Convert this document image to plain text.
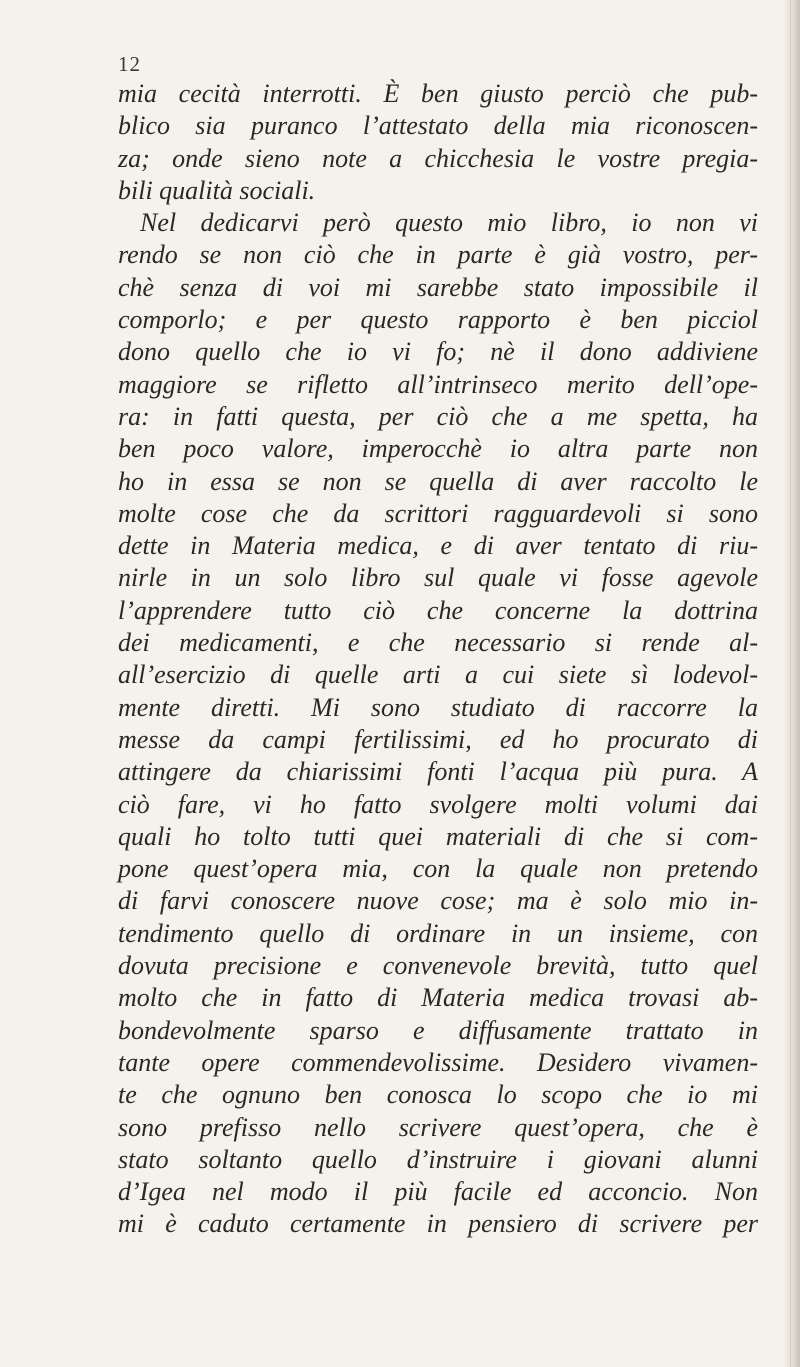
12
mia cecità interrotti. È ben giusto perciò che pub-
blico sia puranco l’attestato della mia riconoscen-
za; onde sieno note a chicchesia le vostre pregia-
bili qualità sociali.
Nel dedicarvi però questo mio libro, io non vi
rendo se non ciò che in parte è già vostro, per-
chè senza di voi mi sarebbe stato impossibile il
comporlo; e per questo rapporto è ben picciol
dono quello che io vi fo; nè il dono addiviene
maggiore se rifletto all’intrinseco merito dell’ope-
ra: in fatti questa, per ciò che a me spetta, ha
ben poco valore, imperocchè io altra parte non
ho in essa se non se quella di aver raccolto le
molte cose che da scrittori ragguardevoli si sono
dette in Materia medica, e di aver tentato di riu-
nirle in un solo libro sul quale vi fosse agevole
l’apprendere tutto ciò che concerne la dottrina
dei medicamenti, e che necessario si rende al-
all’esercizio di quelle arti a cui siete sì lodevol-
mente diretti. Mi sono studiato di raccorre la
messe da campi fertilissimi, ed ho procurato di
attingere da chiarissimi fonti l’acqua più pura. A
ciò fare, vi ho fatto svolgere molti volumi dai
quali ho tolto tutti quei materiali di che si com-
pone quest’opera mia, con la quale non pretendo
di farvi conoscere nuove cose; ma è solo mio in-
tendimento quello di ordinare in un insieme, con
dovuta precisione e convenevole brevità, tutto quel
molto che in fatto di Materia medica trovasi ab-
bondevolmente sparso e diffusamente trattato in
tante opere commendevolissime. Desidero vivamen-
te che ognuno ben conosca lo scopo che io mi
sono prefisso nello scrivere quest’opera, che è
stato soltanto quello d’instruire i giovani alunni
d’Igea nel modo il più facile ed acconcio. Non
mi è caduto certamente in pensiero di scrivere per
